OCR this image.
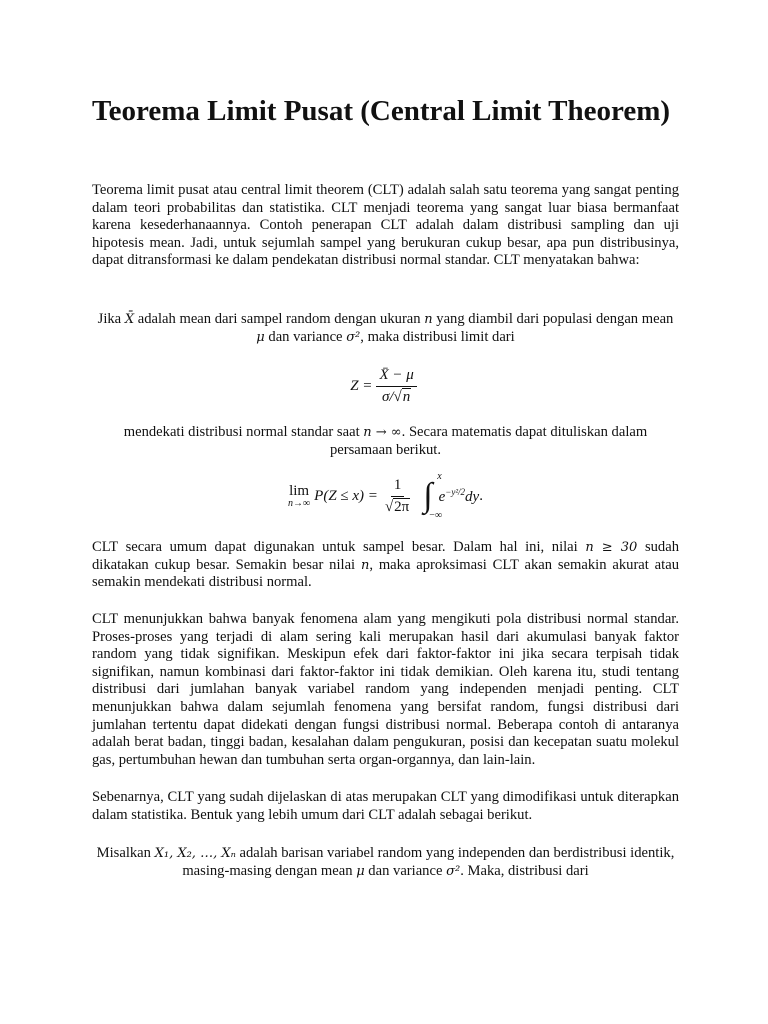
Teorema Limit Pusat (Central Limit Theorem)

Teorema limit pusat atau central limit theorem (CLT) adalah salah satu teorema yang sangat penting dalam teori probabilitas dan statistika. CLT menjadi teorema yang sangat luar biasa bermanfaat karena kesederhanaannya. Contoh penerapan CLT adalah dalam distribusi sampling dan uji hipotesis mean. Jadi, untuk sejumlah sampel yang berukuran cukup besar, apa pun distribusinya, dapat ditransformasi ke dalam pendekatan distribusi normal standar. CLT menyatakan bahwa:

Jika X̄ adalah mean dari sampel random dengan ukuran n yang diambil dari populasi dengan mean μ dan variance σ², maka distribusi limit dari

$Z = \frac{X̄ - \mu}{\sigma/√n}$

mendekati distribusi normal standar saat n → ∞. Secara matematis dapat dituliskan dalam persamaan berikut.

lim
n→∞ $P(Z \le x) = \frac{1}{√2\pi}$ ∫
x
−∞
$e^{-y^2/2}dy$ .

CLT secara umum dapat digunakan untuk sampel besar. Dalam hal ini, nilai n ≥ 30 sudah dikatakan cukup besar. Semakin besar nilai n, maka aproksimasi CLT akan semakin akurat atau semakin mendekati distribusi normal.

CLT menunjukkan bahwa banyak fenomena alam yang mengikuti pola distribusi normal standar. Proses-proses yang terjadi di alam sering kali merupakan hasil dari akumulasi banyak faktor random yang tidak signifikan. Meskipun efek dari faktor-faktor ini jika secara terpisah tidak signifikan, namun kombinasi dari faktor-faktor ini tidak demikian. Oleh karena itu, studi tentang distribusi dari jumlahan banyak variabel random yang independen menjadi penting. CLT menunjukkan bahwa dalam sejumlah fenomena yang bersifat random, fungsi distribusi dari jumlahan tertentu dapat didekati dengan fungsi distribusi normal. Beberapa contoh di antaranya adalah berat badan, tinggi badan, kesalahan dalam pengukuran, posisi dan kecepatan suatu molekul gas, pertumbuhan hewan dan tumbuhan serta organ-organnya, dan lain-lain.

Sebenarnya, CLT yang sudah dijelaskan di atas merupakan CLT yang dimodifikasi untuk diterapkan dalam statistika. Bentuk yang lebih umum dari CLT adalah sebagai berikut.

Misalkan X₁, X₂, …, Xₙ adalah barisan variabel random yang independen dan berdistribusi identik, masing-masing dengan mean μ dan variance σ². Maka, distribusi dari
